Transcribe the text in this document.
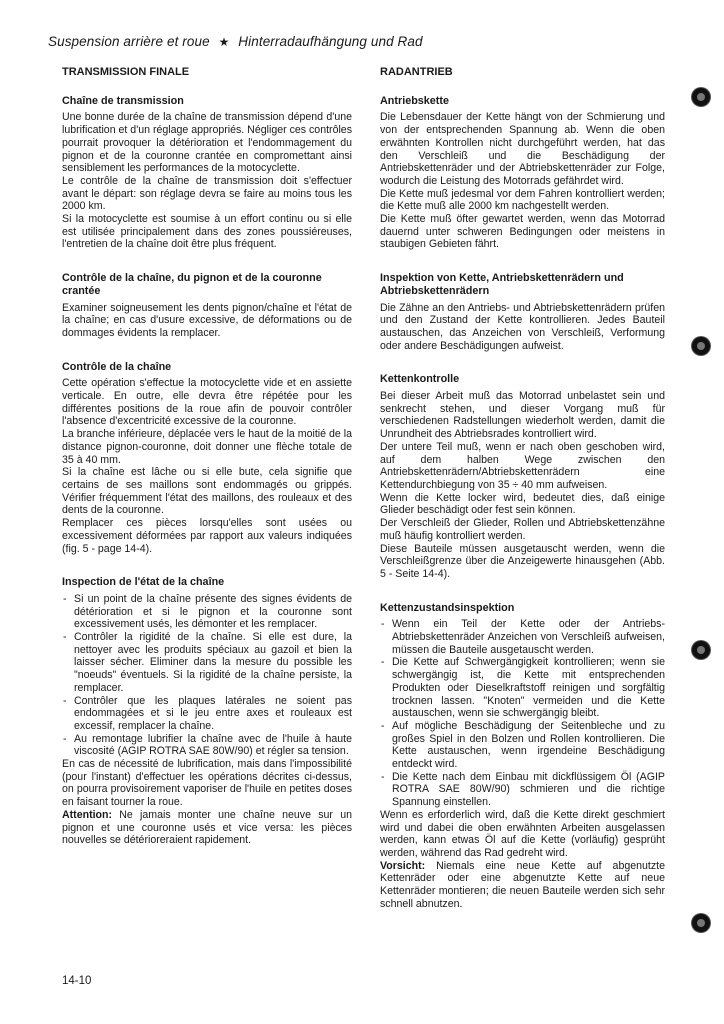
Suspension arrière et roue ★ Hinterradaufhängung und Rad
TRANSMISSION FINALE
Chaîne de transmission

Une bonne durée de la chaîne de transmission dépend d'une lubrification et d'un réglage appropriés. Négliger ces contrôles pourrait provoquer la détérioration et l'endommagement du pignon et de la couronne crantée en compromettant ainsi sensiblement les performances de la motocyclette.

Le contrôle de la chaîne de transmission doit s'effectuer avant le départ: son réglage devra se faire au moins tous les 2000 km.

Si la motocyclette est soumise à un effort continu ou si elle est utilisée principalement dans des zones poussiéreuses, l'entretien de la chaîne doit être plus fréquent.

Contrôle de la chaîne, du pignon et de la couronne crantée

Examiner soigneusement les dents pignon/chaîne et l'état de la chaîne; en cas d'usure excessive, de déformations ou de dommages évidents la remplacer.

Contrôle de la chaîne

Cette opération s'effectue la motocyclette vide et en assiette verticale. En outre, elle devra être répétée pour les différentes positions de la roue afin de pouvoir contrôler l'absence d'excentricité excessive de la couronne.

La branche inférieure, déplacée vers le haut de la moitié de la distance pignon-couronne, doit donner une flèche totale de 35 à 40 mm.

Si la chaîne est lâche ou si elle bute, cela signifie que certains de ses maillons sont endommagés ou grippés. Vérifier fréquemment l'état des maillons, des rouleaux et des dents de la couronne.

Remplacer ces pièces lorsqu'elles sont usées ou excessivement déformées par rapport aux valeurs indiquées (fig. 5 - page 14-4).

Inspection de l'état de la chaîne
- Si un point de la chaîne présente des signes évidents de détérioration et si le pignon et la couronne sont excessivement usés, les démonter et les remplacer.
- Contrôler la rigidité de la chaîne. Si elle est dure, la nettoyer avec les produits spéciaux au gazoil et bien la laisser sécher. Eliminer dans la mesure du possible les "noeuds" éventuels. Si la rigidité de la chaîne persiste, la remplacer.
- Contrôler que les plaques latérales ne soient pas endommagées et si le jeu entre axes et rouleaux est excessif, remplacer la chaîne.
- Au remontage lubrifier la chaîne avec de l'huile à haute viscosité (AGIP ROTRA SAE 80W/90) et régler sa tension.

En cas de nécessité de lubrification, mais dans l'impossibilité (pour l'instant) d'effectuer les opérations décrites ci-dessus, on pourra provisoirement vaporiser de l'huile en petites doses en faisant tourner la roue.

Attention: Ne jamais monter une chaîne neuve sur un pignon et une couronne usés et vice versa: les pièces nouvelles se détérioreraient rapidement.

RADANTRIEB
Antriebskette

Die Lebensdauer der Kette hängt von der Schmierung und von der entsprechenden Spannung ab. Wenn die oben erwähnten Kontrollen nicht durchgeführt werden, hat das den Verschleiß und die Beschädigung der Antriebskettenräder und der Abtriebskettenräder zur Folge, wodurch die Leistung des Motorrads gefährdet wird.

Die Kette muß jedesmal vor dem Fahren kontrolliert werden; die Kette muß alle 2000 km nachgestellt werden.

Die Kette muß öfter gewartet werden, wenn das Motorrad dauernd unter schweren Bedingungen oder meistens in staubigen Gebieten fährt.

Inspektion von Kette, Antriebskettenrädern und Abtriebskettenrädern

Die Zähne an den Antriebs- und Abtriebskettenrädern prüfen und den Zustand der Kette kontrollieren. Jedes Bauteil austauschen, das Anzeichen von Verschleiß, Verformung oder andere Beschädigungen aufweist.

Kettenkontrolle

Bei dieser Arbeit muß das Motorrad unbelastet sein und senkrecht stehen, und dieser Vorgang muß für verschiedenen Radstellungen wiederholt werden, damit die Unrundheit des Abtriebsrades kontrolliert wird.

Der untere Teil muß, wenn er nach oben geschoben wird, auf dem halben Wege zwischen den Antriebskettenrädern/Abtriebskettenrädern eine Kettendurchbiegung von 35 ÷ 40 mm aufweisen.

Wenn die Kette locker wird, bedeutet dies, daß einige Glieder beschädigt oder fest sein können.

Der Verschleiß der Glieder, Rollen und Abtriebskettenzähne muß häufig kontrolliert werden.

Diese Bauteile müssen ausgetauscht werden, wenn die Verschleißgrenze über die Anzeigewerte hinausgehen (Abb. 5 - Seite 14-4).

Kettenzustandsinspektion
- Wenn ein Teil der Kette oder der Antriebs-Abtriebskettenräder Anzeichen von Verschleiß aufweisen, müssen die Bauteile ausgetauscht werden.
- Die Kette auf Schwergängigkeit kontrollieren; wenn sie schwergängig ist, die Kette mit entsprechenden Produkten oder Dieselkraftstoff reinigen und sorgfältig trocknen lassen. "Knoten" vermeiden und die Kette austauschen, wenn sie schwergängig bleibt.
- Auf mögliche Beschädigung der Seitenbleche und zu großes Spiel in den Bolzen und Rollen kontrollieren. Die Kette austauschen, wenn irgendeine Beschädigung entdeckt wird.
- Die Kette nach dem Einbau mit dickflüssigem Öl (AGIP ROTRA SAE 80W/90) schmieren und die richtige Spannung einstellen.

Wenn es erforderlich wird, daß die Kette direkt geschmiert wird und dabei die oben erwähnten Arbeiten ausgelassen werden, kann etwas Öl auf die Kette (vorläufig) gesprüht werden, während das Rad gedreht wird.

Vorsicht: Niemals eine neue Kette auf abgenutzte Kettenräder oder eine abgenutzte Kette auf neue Kettenräder montieren; die neuen Bauteile werden sich sehr schnell abnutzen.

14-10
